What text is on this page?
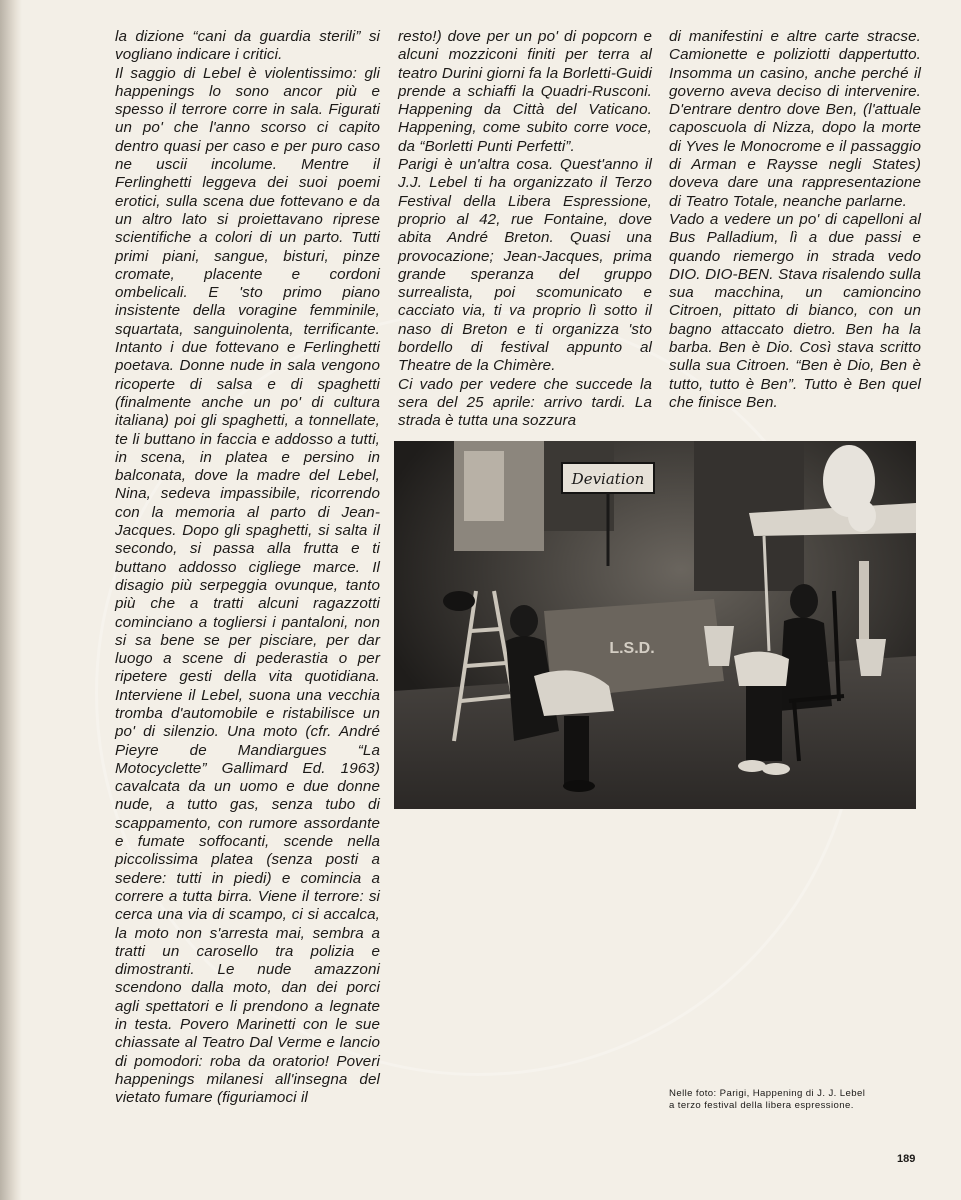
la dizione “cani da guardia sterili” si vogliano indicare i critici.

Il saggio di Lebel è violentissimo: gli happenings lo sono ancor più e spesso il terrore corre in sala. Figurati un po' che l'anno scorso ci capito dentro quasi per caso e per puro caso ne uscii incolume. Mentre il Ferlinghetti leggeva dei suoi poemi erotici, sulla scena due fottevano e da un altro lato si proiettavano riprese scientifiche a colori di un parto. Tutti primi piani, sangue, bisturi, pinze cromate, placente e cordoni ombelicali. E 'sto primo piano insistente della voragine femminile, squartata, sanguinolenta, terrificante. Intanto i due fottevano e Ferlinghetti poetava. Donne nude in sala vengono ricoperte di salsa e di spaghetti (finalmente anche un po' di cultura italiana) poi gli spaghetti, a tonnellate, te li buttano in faccia e addosso a tutti, in scena, in platea e persino in balconata, dove la madre del Lebel, Nina, sedeva impassibile, ricorrendo con la memoria al parto di Jean-Jacques. Dopo gli spaghetti, si salta il secondo, si passa alla frutta e ti buttano addosso cigliege marce. Il disagio più serpeggia ovunque, tanto più che a tratti alcuni ragazzotti cominciano a togliersi i pantaloni, non si sa bene se per pisciare, per dar luogo a scene di pederastia o per ripetere gesti della vita quotidiana. Interviene il Lebel, suona una vecchia tromba d'automobile e ristabilisce un po' di silenzio. Una moto (cfr. André Pieyre de Mandiargues “La Motocyclette” Gallimard Ed. 1963) cavalcata da un uomo e due donne nude, a tutto gas, senza tubo di scappamento, con rumore assordante e fumate soffocanti, scende nella piccolissima platea (senza posti a sedere: tutti in piedi) e comincia a correre a tutta birra. Viene il terrore: si cerca una via di scampo, ci si accalca, la moto non s'arresta mai, sembra a tratti un carosello tra polizia e dimostranti. Le nude amazzoni scendono dalla moto, dan dei porci agli spettatori e li prendono a legnate in testa. Povero Marinetti con le sue chiassate al Teatro Dal Verme e lancio di pomodori: roba da oratorio! Poveri happenings milanesi all'insegna del vietato fumare (figuriamoci il

resto!) dove per un po' di popcorn e alcuni mozziconi finiti per terra al teatro Durini giorni fa la Borletti-Guidi prende a schiaffi la Quadri-Rusconi. Happening da Città del Vaticano. Happening, come subito corre voce, da “Borletti Punti Perfetti”.

Parigi è un'altra cosa. Quest'anno il J.J. Lebel ti ha organizzato il Terzo Festival della Libera Espressione, proprio al 42, rue Fontaine, dove abita André Breton. Quasi una provocazione; Jean-Jacques, prima grande speranza del gruppo surrealista, poi scomunicato e cacciato via, ti va proprio lì sotto il naso di Breton e ti organizza 'sto bordello di festival appunto al Theatre de la Chimère.

Ci vado per vedere che succede la sera del 25 aprile: arrivo tardi. La strada è tutta una sozzura

di manifestini e altre carte stracse. Camionette e poliziotti dappertutto. Insomma un casino, anche perché il governo aveva deciso di intervenire. D'entrare dentro dove Ben, (l'attuale caposcuola di Nizza, dopo la morte di Yves le Monocrome e il passaggio di Arman e Raysse negli States) doveva dare una rappresentazione di Teatro Totale, neanche parlarne.

Vado a vedere un po' di capelloni al Bus Palladium, lì a due passi e quando riemergo in strada vedo DIO. DIO-BEN. Stava risalendo sulla sua macchina, un camioncino Citroen, pittato di bianco, con un bagno attaccato dietro. Ben ha la barba. Ben è Dio. Così stava scritto sulla sua Citroen. “Ben è Dio, Ben è tutto, tutto è Ben”. Tutto è Ben quel che finisce Ben.

Deviation
L.S.D.

Nelle foto: Parigi, Happening di J. J. Lebel

a terzo festival della libera espressione.

189
